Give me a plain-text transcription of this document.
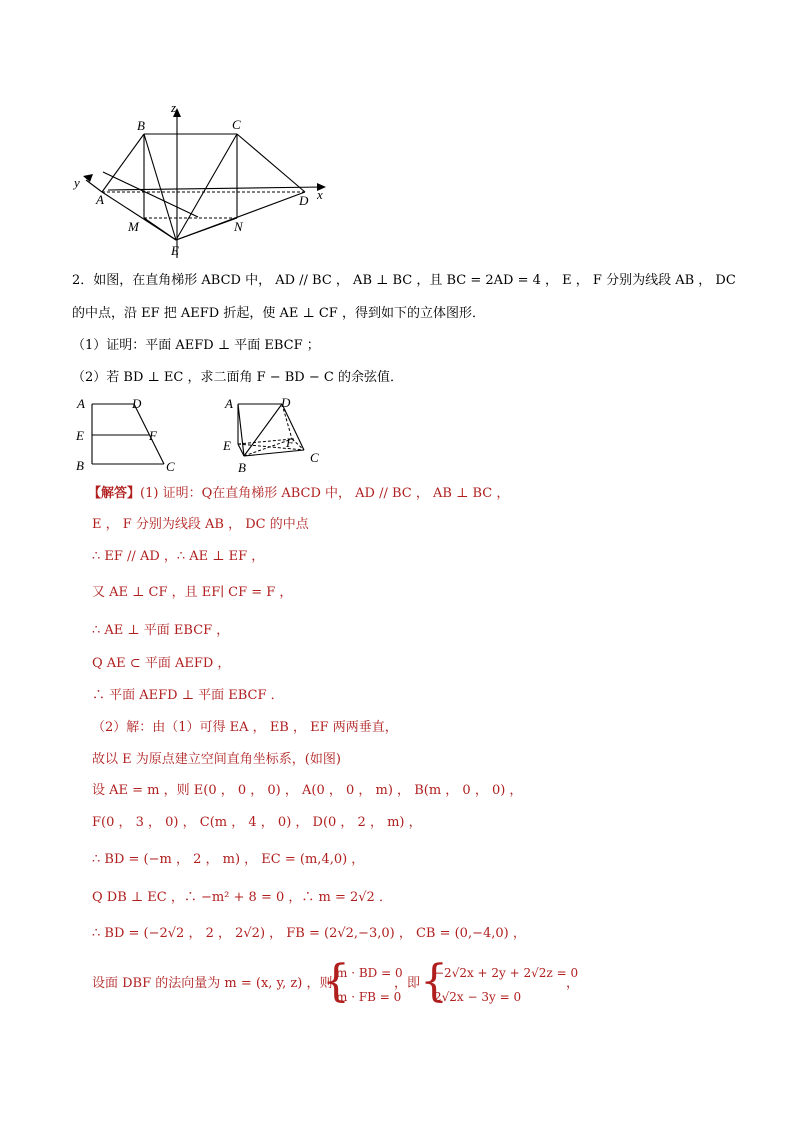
B	C
A	D
M	N
E
x
y
z
2．如图，在直角梯形 ABCD 中， AD // BC ， AB ⊥ BC ，且 BC = 2AD = 4 ， E ， F 分别为线段 AB ， DC
的中点，沿 EF 把 AEFD 折起，使 AE ⊥ CF ，得到如下的立体图形．
（1）证明：平面 AEFD ⊥ 平面 EBCF ；
（2）若 BD ⊥ EC ，求二面角 F − BD − C 的余弦值．
A	D
E	F
B	C
A	D
E	F
B
C
【解答】(1) 证明：Q在直角梯形 ABCD 中， AD // BC ， AB ⊥ BC ，
E ， F 分别为线段 AB ， DC 的中点
∴ EF // AD ，∴ AE ⊥ EF ，
又 AE ⊥ CF ，且 EF∣ CF = F ，
∴ AE ⊥ 平面 EBCF ，
Q AE ⊂ 平面 AEFD ，
∴ 平面 AEFD ⊥ 平面 EBCF ．
（2）解：由（1）可得 EA ， EB ， EF 两两垂直，
故以 E 为原点建立空间直角坐标系，(如图)
设 AE = m ，则 E(0 ， 0 ， 0) ， A(0 ， 0 ， m) ， B(m ， 0 ， 0) ，
F(0 ， 3 ， 0) ， C(m ， 4 ， 0) ， D(0 ， 2 ， m) ，
∴ BD = (−m ， 2 ， m) ， EC = (m,4,0) ，
Q DB ⊥ EC ，∴ −m² + 8 = 0 ，∴ m = 2√2 ．
∴ BD = (−2√2 ， 2 ， 2√2) ， FB = (2√2,−3,0) ， CB = (0,−4,0) ，
设面 DBF 的法向量为 m = (x, y, z) ，则
{
m · BD = 0
m · FB = 0
，即 {
−2√2x + 2y + 2√2z = 0
2√2x − 3y = 0
，
